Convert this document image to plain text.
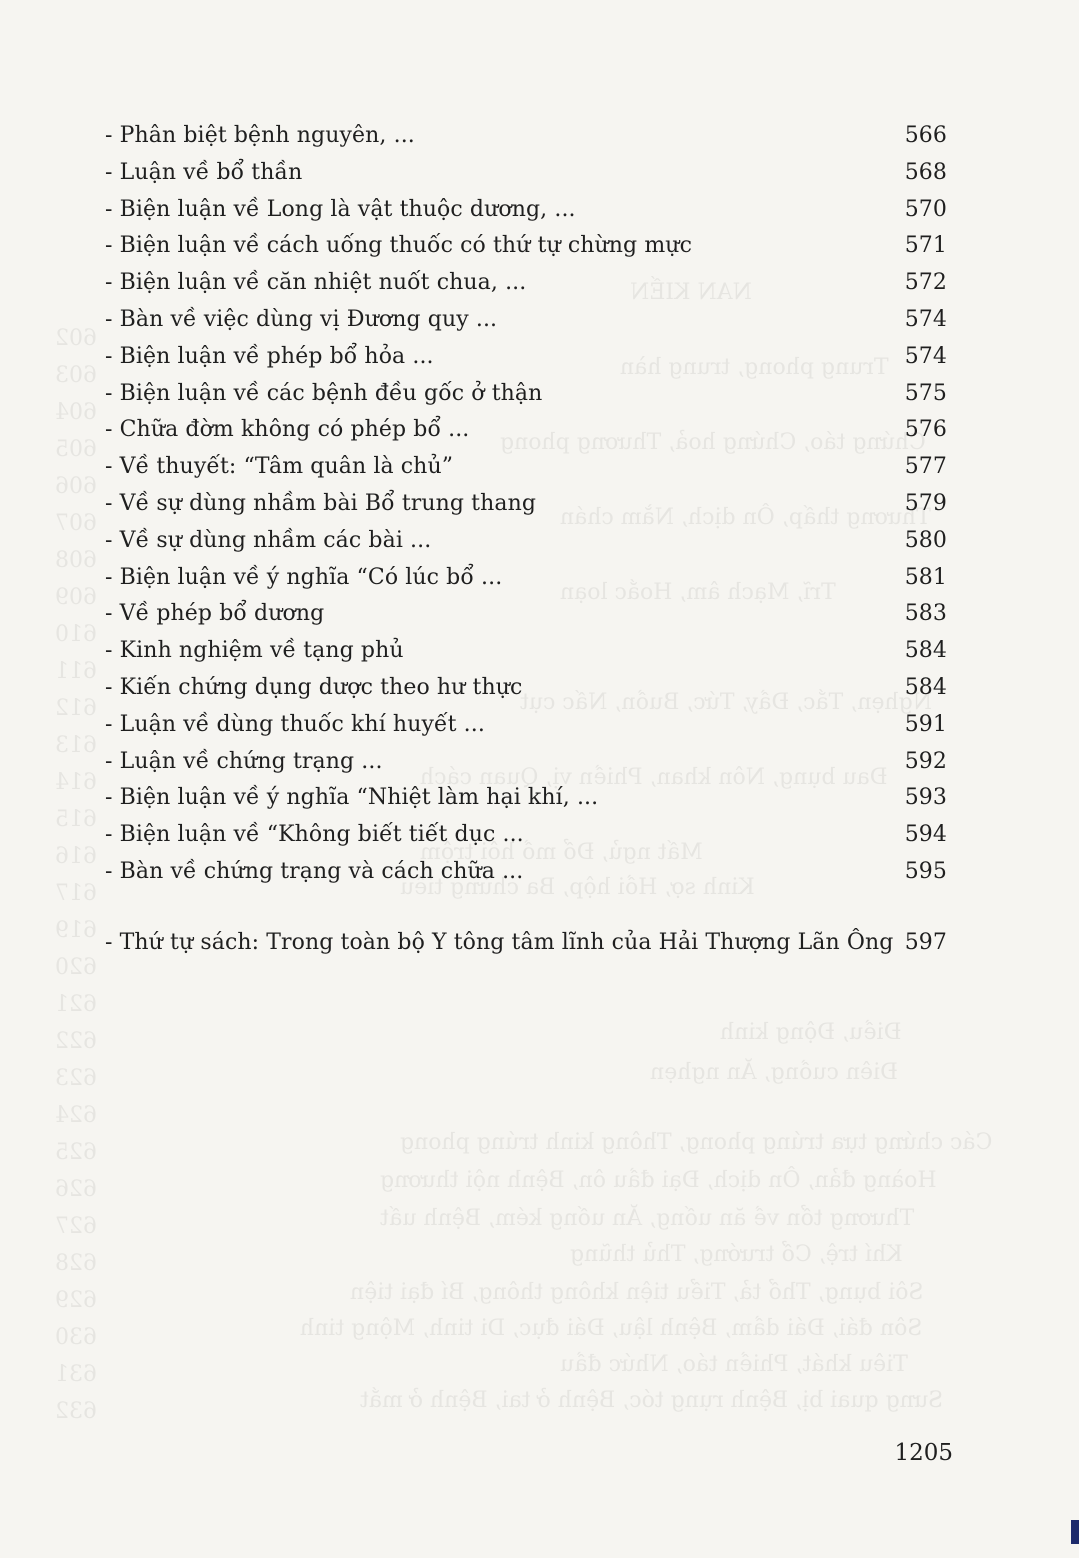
NAN KIẾN
Trung phong, trung hàn
Chứng táo, Chứng hoả, Thương phong
Thương thấp, Ôn dịch, Nằm chán
Trĩ, Mạch âm, Hoắc loạn
Nghẹn, Tắc, Đầy, Tức, Buồn, Nấc cụt
Đau bụng, Nôn khan, Phiền vị, Quan cách
Mất ngủ, Đổ mồ hôi trộm
Kinh sợ, Hồi hộp, Ba chứng tiêu
Điều, Động kinh
Điên cuồng, Ăn nghẹn
Các chứng tựa trúng phong, Thông kinh trúng phong
Hoàng đản, Ôn dịch, Đại đầu ôn, Bệnh nội thương
Thương tổn về ăn uống, Ăn uống kém, Bệnh uất
Khí trệ, Cổ trướng, Thủ thũng
Sôi bụng, Thổ tả, Tiểu tiện không thông, Bí đại tiện
Sôn đái, Đái dầm, Bệnh lậu, Đái đục, Di tinh, Mộng tinh
Tiêu khát, Phiền táo, Nhức đầu
Sưng quai bị, Bệnh rụng tóc, Bệnh ở tai, Bệnh ở mắt
602
603
604
605
606
607
608
609
610
611
612
613
614
615
616
617
619
620
621
622
623
624
625
626
627
628
629
630
631
632
- Phân biệt bệnh nguyên, ...	566
- Luận về bổ thần	568
- Biện luận về Long là vật thuộc dương, ...	570
- Biện luận về cách uống thuốc có thứ tự chừng mực	571
- Biện luận về căn nhiệt nuốt chua, ...	572
- Bàn về việc dùng vị Đương quy ...	574
- Biện luận về phép bổ hỏa ...	574
- Biện luận về các bệnh đều gốc ở thận	575
- Chữa đờm không có phép bổ ...	576
- Về thuyết: “Tâm quân là chủ”	577
- Về sự dùng nhầm bài Bổ trung thang	579
- Về sự dùng nhầm các bài ...	580
- Biện luận về ý nghĩa “Có lúc bổ ...	581
- Về phép bổ dương	583
- Kinh nghiệm về tạng phủ	584
- Kiến chứng dụng dược theo hư thực	584
- Luận về dùng thuốc khí huyết ...	591
- Luận về chứng trạng ...	592
- Biện luận về ý nghĩa “Nhiệt làm hại khí, ...	593
- Biện luận về “Không biết tiết dục ...	594
- Bàn về chứng trạng và cách chữa ...	595
- Thứ tự sách: Trong toàn bộ Y tông tâm lĩnh của Hải Thượng Lãn Ông 597
1205
